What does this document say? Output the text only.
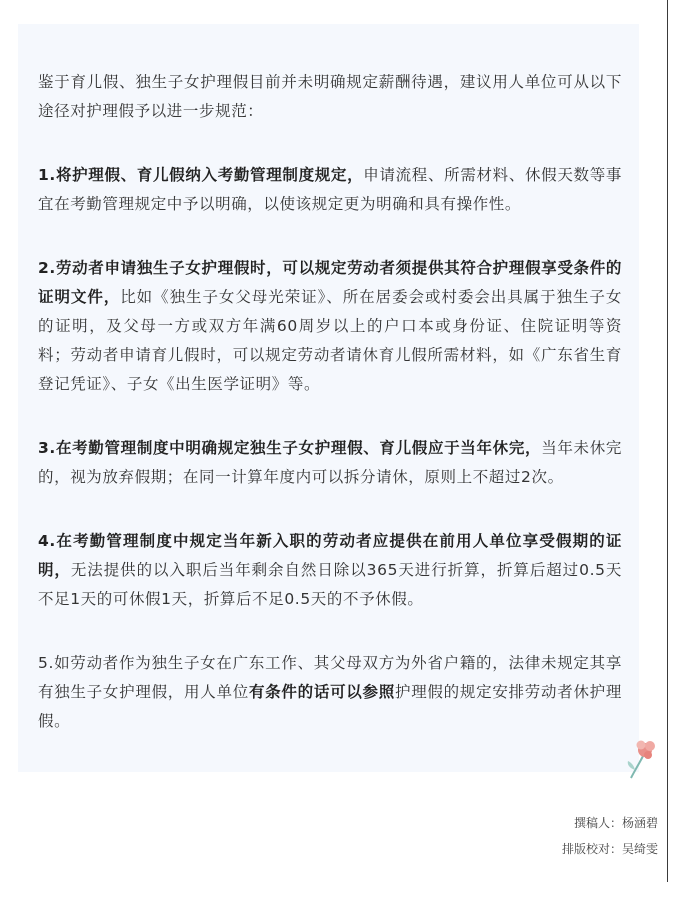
鉴于育儿假、独生子女护理假目前并未明确规定薪酬待遇，建议用人单位可从以下途径对护理假予以进一步规范：

1.将护理假、育儿假纳入考勤管理制度规定，申请流程、所需材料、休假天数等事宜在考勤管理规定中予以明确，以使该规定更为明确和具有操作性。

2.劳动者申请独生子女护理假时，可以规定劳动者须提供其符合护理假享受条件的证明文件，比如《独生子女父母光荣证》、所在居委会或村委会出具属于独生子女的证明，及父母一方或双方年满60周岁以上的户口本或身份证、住院证明等资料；劳动者申请育儿假时，可以规定劳动者请休育儿假所需材料，如《广东省生育登记凭证》、子女《出生医学证明》等。

3.在考勤管理制度中明确规定独生子女护理假、育儿假应于当年休完，当年未休完的，视为放弃假期；在同一计算年度内可以拆分请休，原则上不超过2次。

4.在考勤管理制度中规定当年新入职的劳动者应提供在前用人单位享受假期的证明，无法提供的以入职后当年剩余自然日除以365天进行折算，折算后超过0.5天不足1天的可休假1天，折算后不足0.5天的不予休假。

5.如劳动者作为独生子女在广东工作、其父母双方为外省户籍的，法律未规定其享有独生子女护理假，用人单位有条件的话可以参照护理假的规定安排劳动者休护理假。

撰稿人：杨涵碧
排版校对：吴绮雯
